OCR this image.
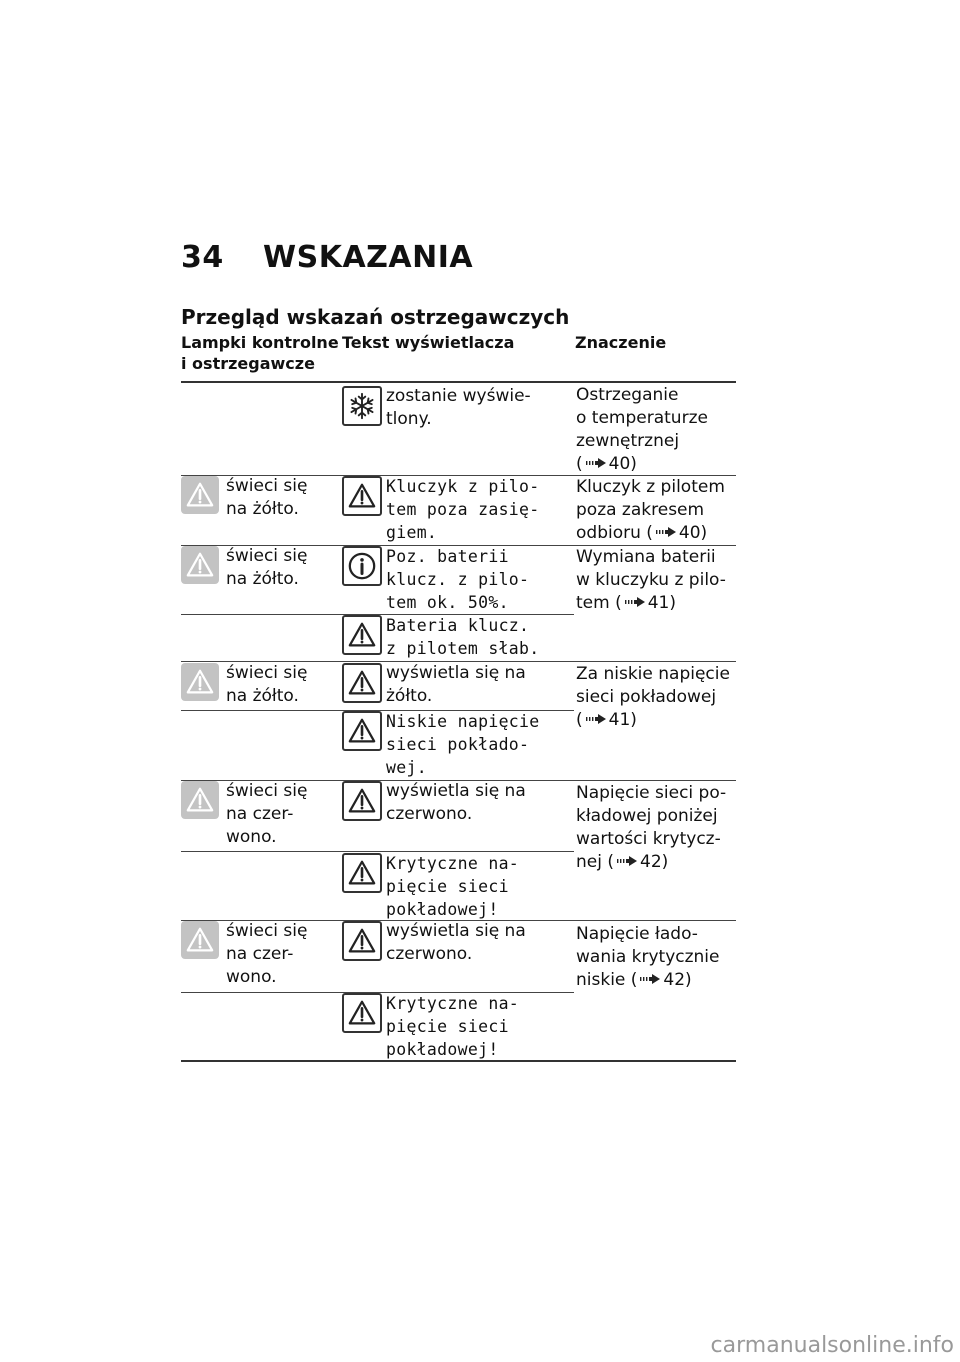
34 WSKAZANIA
Przegląd wskazań ostrzegawczych
Lampki kontrolne i ostrzegawcze
Tekst wyświetlacza	Znaczenie
zostanie wyświe-
tlony.
Ostrzeganie
o temperaturze
zewnętrznej
( 40)
świeci się
na żółto.
Kluczyk z pilo-
tem poza zasię-
giem.
Kluczyk z pilotem
poza zakresem
odbioru ( 40)
świeci się
na żółto.
Poz. baterii
klucz. z pilo-
tem ok. 50%.
Wymiana baterii
w kluczyku z pilo-
tem ( 41)
Bateria klucz.
z pilotem słab.
świeci się
na żółto.
wyświetla się na
żółto.
Za niskie napięcie
sieci pokładowej
( 41)
Niskie napięcie
sieci pokłado-
wej.
świeci się
na czer-
wono.
wyświetla się na
czerwono.
Napięcie sieci po-
kładowej poniżej
wartości krytycz-
nej ( 42)
Krytyczne na-
pięcie sieci
pokładowej!
świeci się
na czer-
wono.
wyświetla się na
czerwono.
Napięcie łado-
wania krytycznie
niskie ( 42)
Krytyczne na-
pięcie sieci
pokładowej!
carmanualsonline.info
